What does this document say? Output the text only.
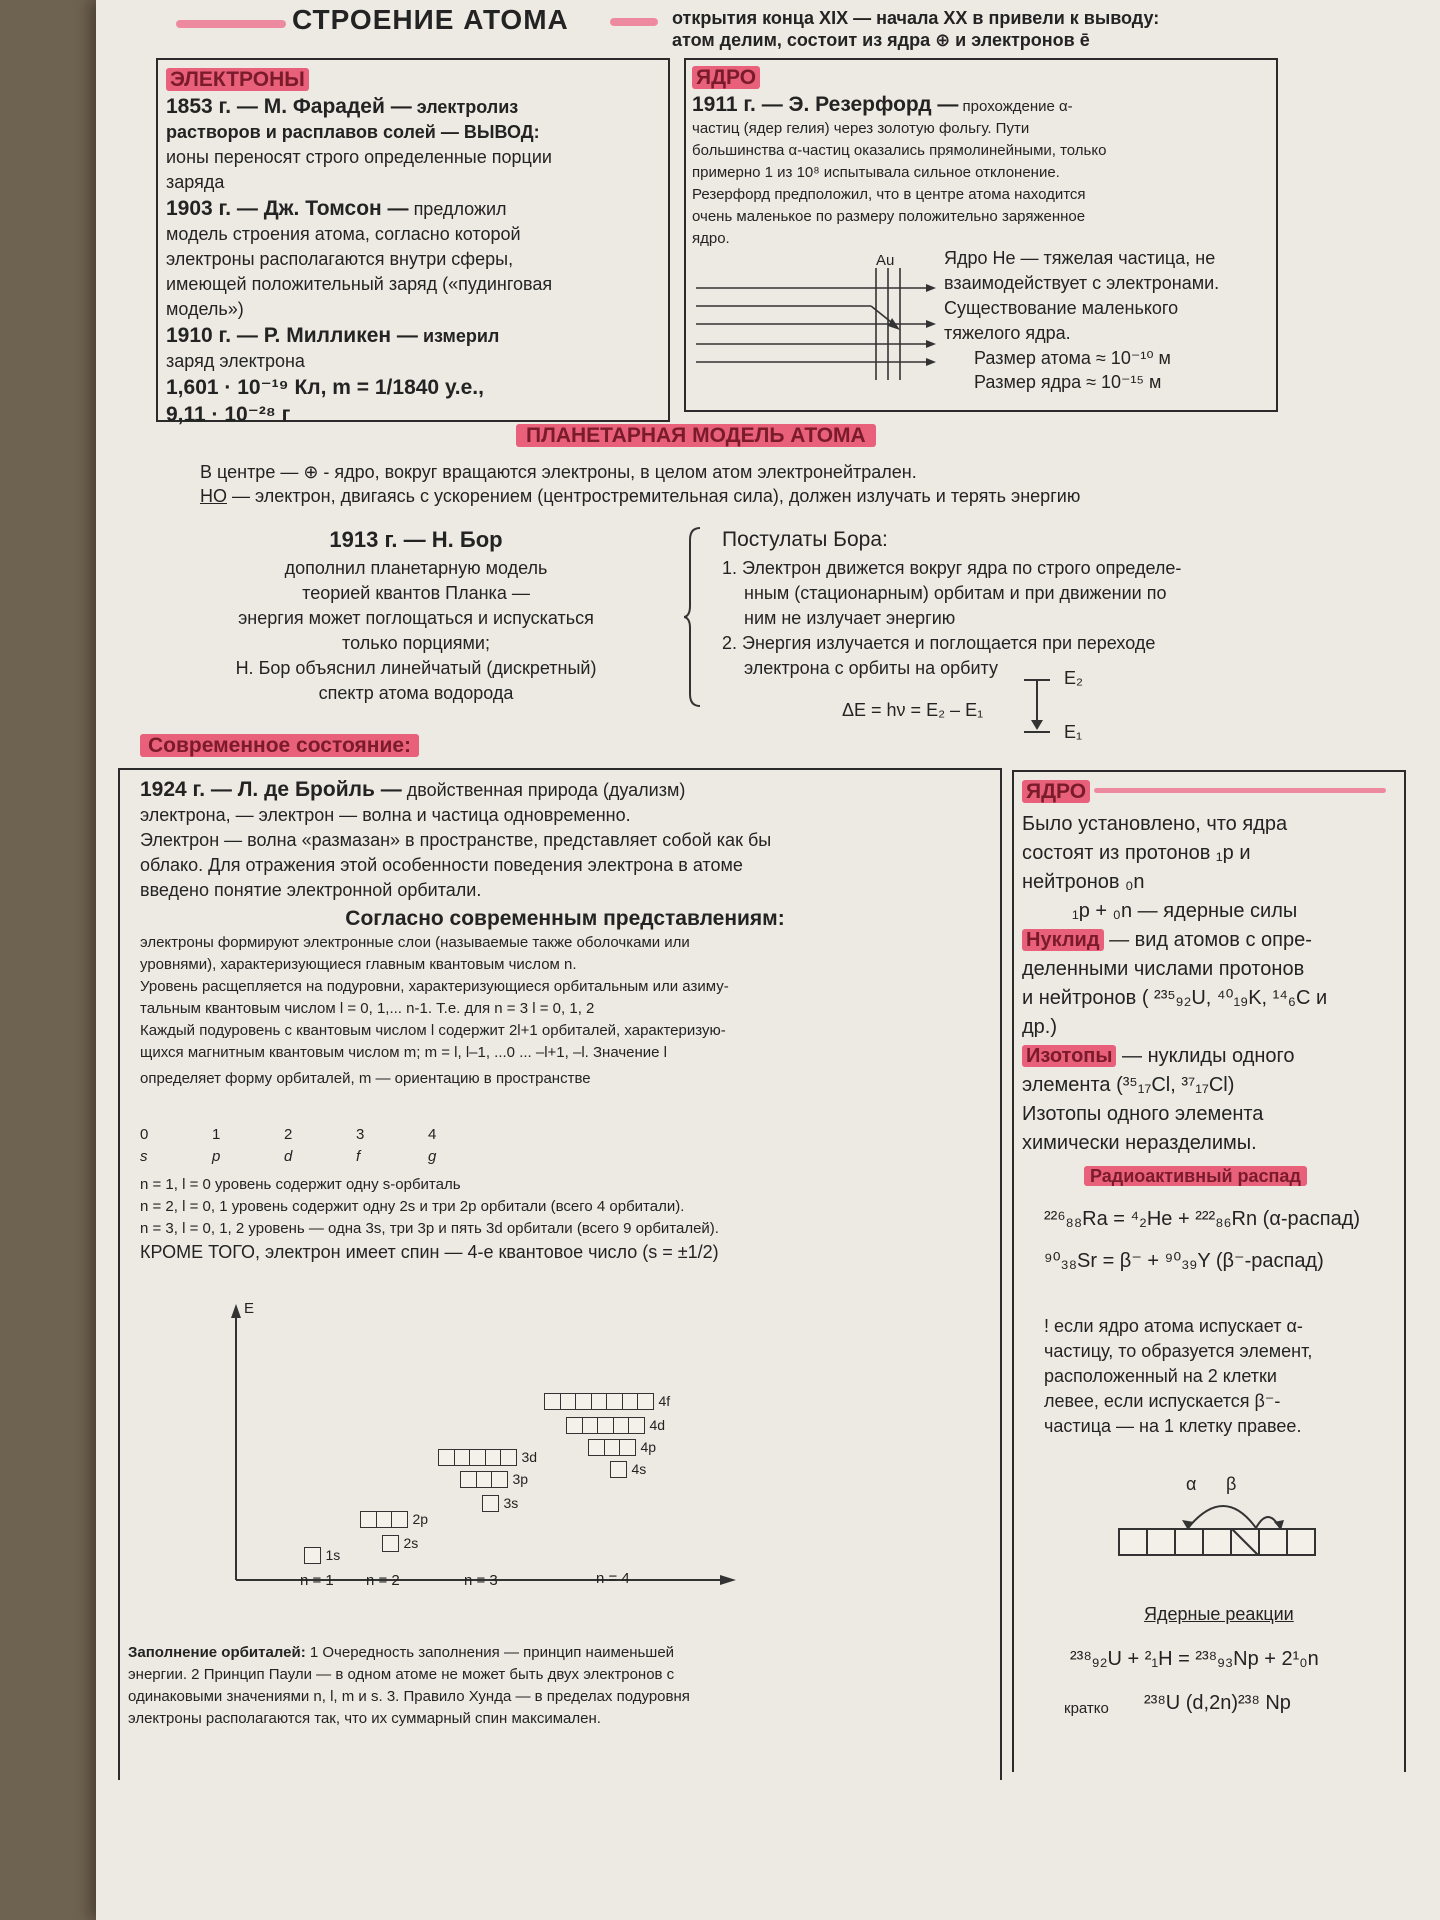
СТРОЕНИЕ АТОМА	открытия конца XIX — начала XX в привели к выводу:
атом делим, состоит из ядра ⊕ и электронов ē
ЭЛЕКТРОНЫ

1853 г. — М. Фарадей — электролиз

растворов и расплавов солей — ВЫВОД:

ионы переносят строго определенные порции

заряда

1903 г. — Дж. Томсон — предложил

модель строения атома, согласно которой

электроны располагаются внутри сферы,

имеющей положительный заряд («пудинговая

модель»)

1910 г. — Р. Милликен — измерил

заряд электрона

1,601 · 10⁻¹⁹ Кл, m = 1/1840 у.е.,

9,11 · 10⁻²⁸ г

ЯДРО

1911 г. — Э. Резерфорд — прохождение α-

частиц (ядер гелия) через золотую фольгу. Пути

большинства α-частиц оказались прямолинейными, только

примерно 1 из 10⁸ испытывала сильное отклонение.

Резерфорд предположил, что в центре атома находится

очень маленькое по размеру положительно заряженное

ядро.

Au	Ядро He — тяжелая частица, не

взаимодействует с электронами.

Существование маленького

тяжелого ядра.

Размер атома ≈ 10⁻¹⁰ м
Размер ядра ≈ 10⁻¹⁵ м
ПЛАНЕТАРНАЯ МОДЕЛЬ АТОМА
В центре — ⊕ - ядро, вокруг вращаются электроны, в целом атом электронейтрален.
НО — электрон, двигаясь с ускорением (центростремительная сила), должен излучать и терять энергию

1913 г. — Н. Бор

дополнил планетарную модель

теорией квантов Планка —

энергия может поглощаться и испускаться

только порциями;

Н. Бор объяснил линейчатый (дискретный)

спектр атома водорода

Постулаты Бора:

1. Электрон движется вокруг ядра по строго определе-

нным (стационарным) орбитам и при движении по

ним не излучает энергию

2. Энергия излучается и поглощается при переходе

электрона с орбиты на орбиту

ΔE = hν = E₂ – E₁
E₂
E₁
Современное состояние:

1924 г. — Л. де Бройль — двойственная природа (дуализм)

электрона, — электрон — волна и частица одновременно.

Электрон — волна «размазан» в пространстве, представляет собой как бы

облако. Для отражения этой особенности поведения электрона в атоме

введено понятие электронной орбитали.

Согласно современным представлениям:

электроны формируют электронные слои (называемые также оболочками или

уровнями), характеризующиеся главным квантовым числом n.

Уровень расщепляется на подуровни, характеризующиеся орбитальным или азиму-

тальным квантовым числом l = 0, 1,... n-1. Т.е. для n = 3 l = 0, 1, 2

Каждый подуровень с квантовым числом l содержит 2l+1 орбиталей, характеризую-

щихся магнитным квантовым числом m; m = l, l–1, ...0 ... –l+1, –l. Значение l

определяет форму орбиталей, m — ориентацию в пространстве

0	1	2	3	4
s	p	d	f	g

n = 1, l = 0 уровень содержит одну s-орбиталь

n = 2, l = 0, 1 уровень содержит одну 2s и три 2p орбитали (всего 4 орбитали).

n = 3, l = 0, 1, 2 уровень — одна 3s, три 3p и пять 3d орбитали (всего 9 орбиталей).

КРОМЕ ТОГО, электрон имеет спин — 4-е квантовое число (s = ±1/2)

E
1s
2s
2p
3s
3p
3d
4s
4p
4d
4f
n = 1 n = 2	n = 3	n = 4

Заполнение орбиталей: 1 Очередность заполнения — принцип наименьшей

энергии. 2 Принцип Паули — в одном атоме не может быть двух электронов с

одинаковыми значениями n, l, m и s. 3. Правило Хунда — в пределах подуровня

электроны располагаются так, что их суммарный спин максимален.

ЯДРО

Было установлено, что ядра

состоят из протонов ₁p и

нейтронов ₀n

₁p + ₀n — ядерные силы

Нуклид — вид атомов с опре-

деленными числами протонов

и нейтронов ( ²³⁵₉₂U, ⁴⁰₁₉K, ¹⁴₆C и

др.)

Изотопы — нуклиды одного

элемента (³⁵₁₇Cl, ³⁷₁₇Cl)

Изотопы одного элемента

химически неразделимы.

Радиоактивный распад

²²⁶₈₈Ra = ⁴₂He + ²²²₈₆Rn (α-распад)

⁹⁰₃₈Sr = β⁻ + ⁹⁰₃₉Y (β⁻-распад)

! если ядро атома испускает α-

частицу, то образуется элемент,

расположенный на 2 клетки

левее, если испускается β⁻-

частица — на 1 клетку правее.

α β
Ядерные реакции
²³⁸₉₂U + ²₁H = ²³⁸₉₃Np + 2¹₀n
кратко ²³⁸U (d,2n)²³⁸ Np
